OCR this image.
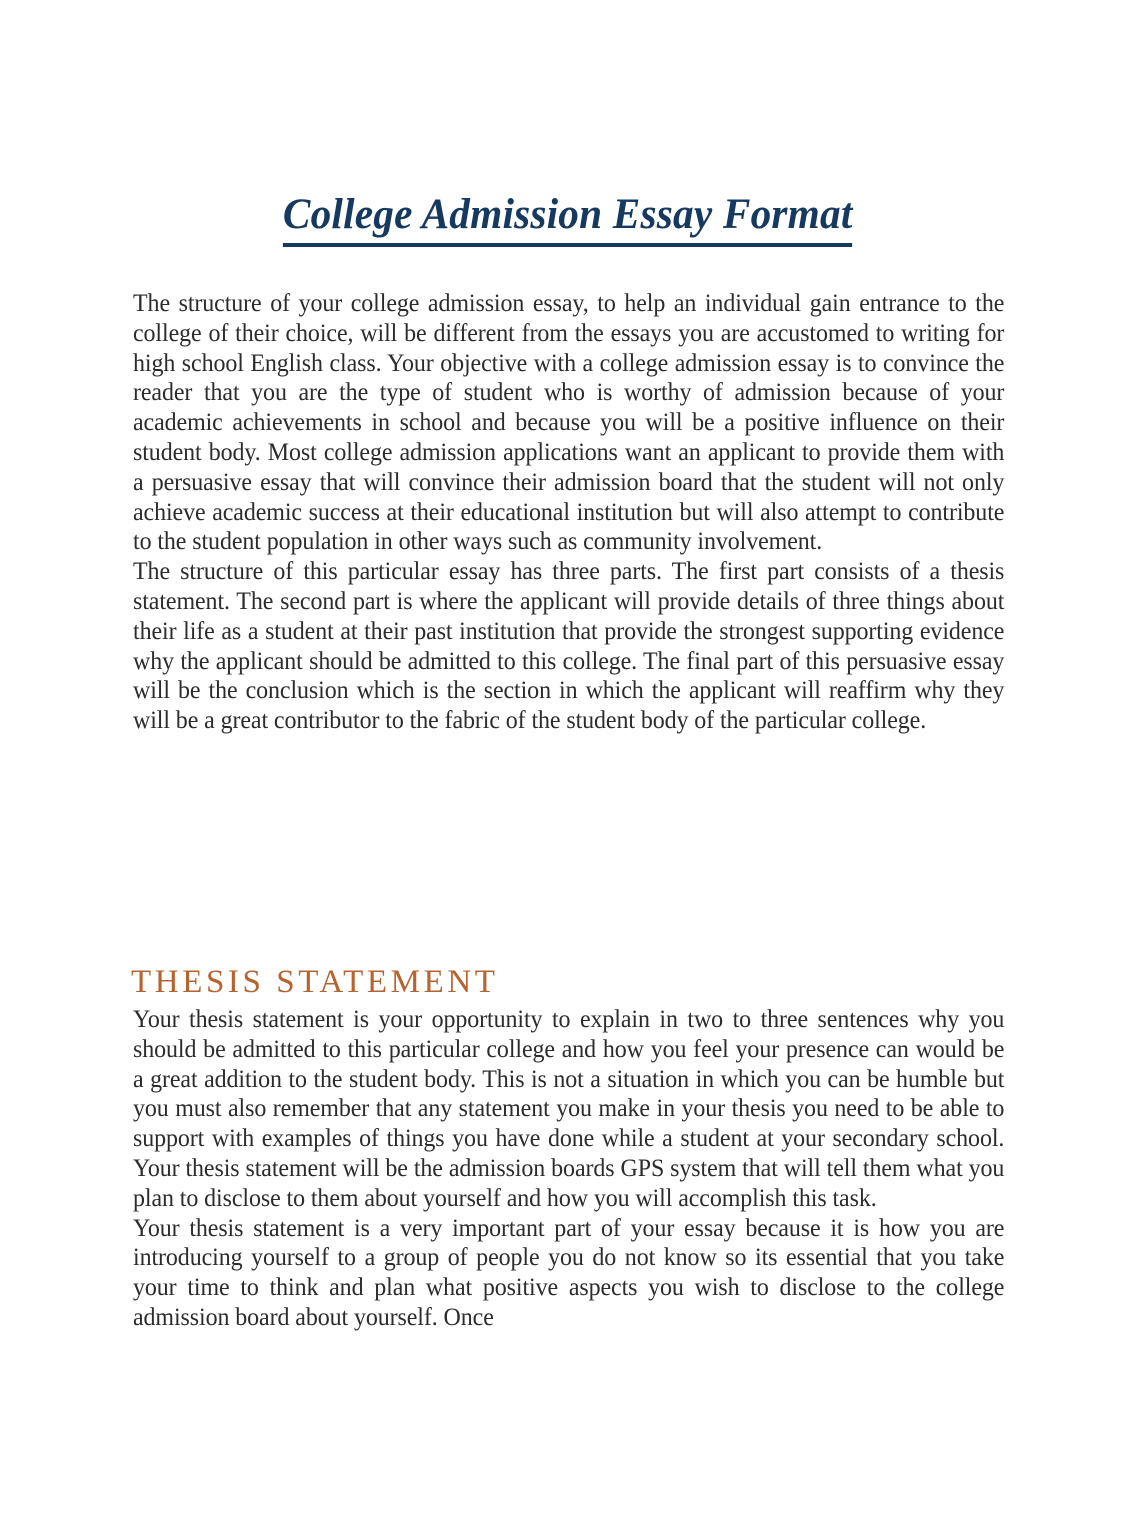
College Admission Essay Format

The structure of your college admission essay, to help an individual gain entrance to the college of their choice, will be different from the essays you are accustomed to writing for high school English class. Your objective with a college admission essay is to convince the reader that you are the type of student who is worthy of admission because of your academic achievements in school and because you will be a positive influence on their student body. Most college admission applications want an applicant to provide them with a persuasive essay that will convince their admission board that the student will not only achieve academic success at their educational institution but will also attempt to contribute to the student population in other ways such as community involvement.

The structure of this particular essay has three parts. The first part consists of a thesis statement. The second part is where the applicant will provide details of three things about their life as a student at their past institution that provide the strongest supporting evidence why the applicant should be admitted to this college. The final part of this persuasive essay will be the conclusion which is the section in which the applicant will reaffirm why they will be a great contributor to the fabric of the student body of the particular college.

THESIS STATEMENT

Your thesis statement is your opportunity to explain in two to three sentences why you should be admitted to this particular college and how you feel your presence can would be a great addition to the student body. This is not a situation in which you can be humble but you must also remember that any statement you make in your thesis you need to be able to support with examples of things you have done while a student at your secondary school. Your thesis statement will be the admission boards GPS system that will tell them what you plan to disclose to them about yourself and how you will accomplish this task.

Your thesis statement is a very important part of your essay because it is how you are introducing yourself to a group of people you do not know so its essential that you take your time to think and plan what positive aspects you wish to disclose to the college admission board about yourself. Once
